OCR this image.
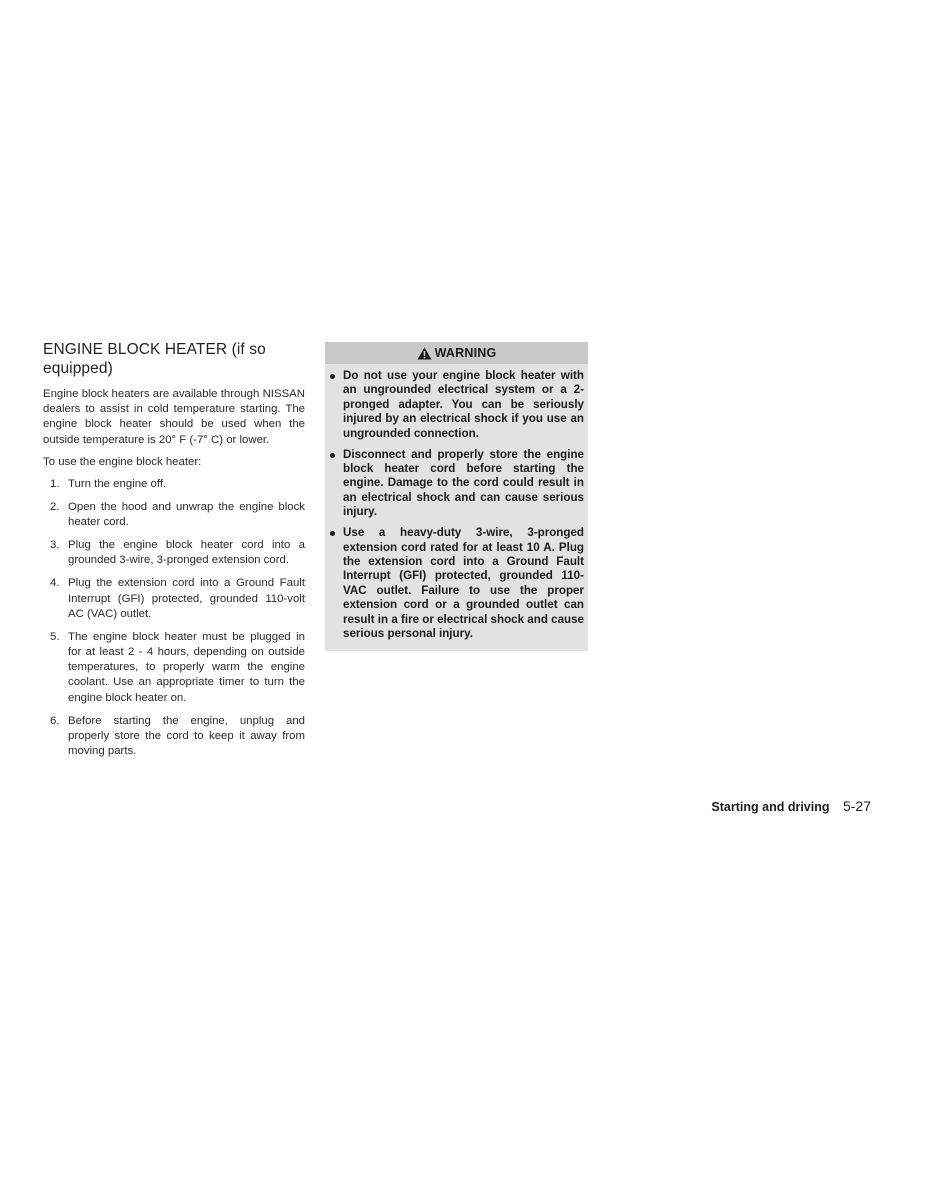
ENGINE BLOCK HEATER (if so equipped)

Engine block heaters are available through NISSAN dealers to assist in cold temperature starting. The engine block heater should be used when the outside temperature is 20° F (-7° C) or lower.

To use the engine block heater:

1. Turn the engine off.
2. Open the hood and unwrap the engine block heater cord.
3. Plug the engine block heater cord into a grounded 3-wire, 3-pronged extension cord.
4. Plug the extension cord into a Ground Fault Interrupt (GFI) protected, grounded 110-volt AC (VAC) outlet.
5. The engine block heater must be plugged in for at least 2 - 4 hours, depending on outside temperatures, to properly warm the engine coolant. Use an appropriate timer to turn the engine block heater on.
6. Before starting the engine, unplug and properly store the cord to keep it away from moving parts.
WARNING
Do not use your engine block heater with an ungrounded electrical system or a 2-pronged adapter. You can be seriously injured by an electrical shock if you use an ungrounded connection.
Disconnect and properly store the engine block heater cord before starting the engine. Damage to the cord could result in an electrical shock and can cause serious injury.
Use a heavy-duty 3-wire, 3-pronged extension cord rated for at least 10 A. Plug the extension cord into a Ground Fault Interrupt (GFI) protected, grounded 110-VAC outlet. Failure to use the proper extension cord or a grounded outlet can result in a fire or electrical shock and cause serious personal injury.
Starting and driving 5-27
